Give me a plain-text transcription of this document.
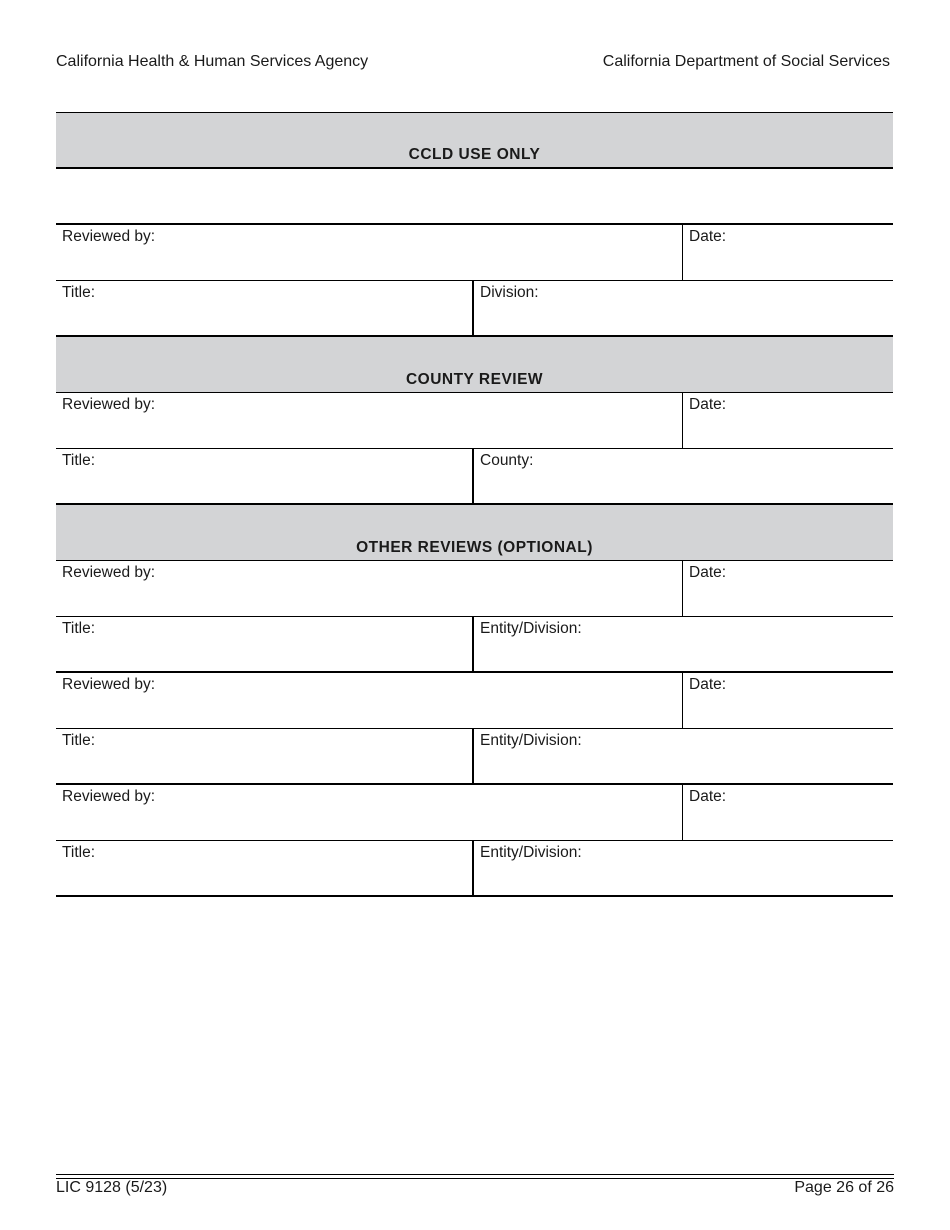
California Health & Human Services Agency	California Department of Social Services
CCLD USE ONLY
Reviewed by:	Date:
Title:	Division:
COUNTY REVIEW
Reviewed by:	Date:
Title:	County:
OTHER REVIEWS (OPTIONAL)
Reviewed by:	Date:
Title:	Entity/Division:
Reviewed by:	Date:
Title:	Entity/Division:
Reviewed by:	Date:
Title:	Entity/Division:
LIC 9128 (5/23)	Page 26 of 26
